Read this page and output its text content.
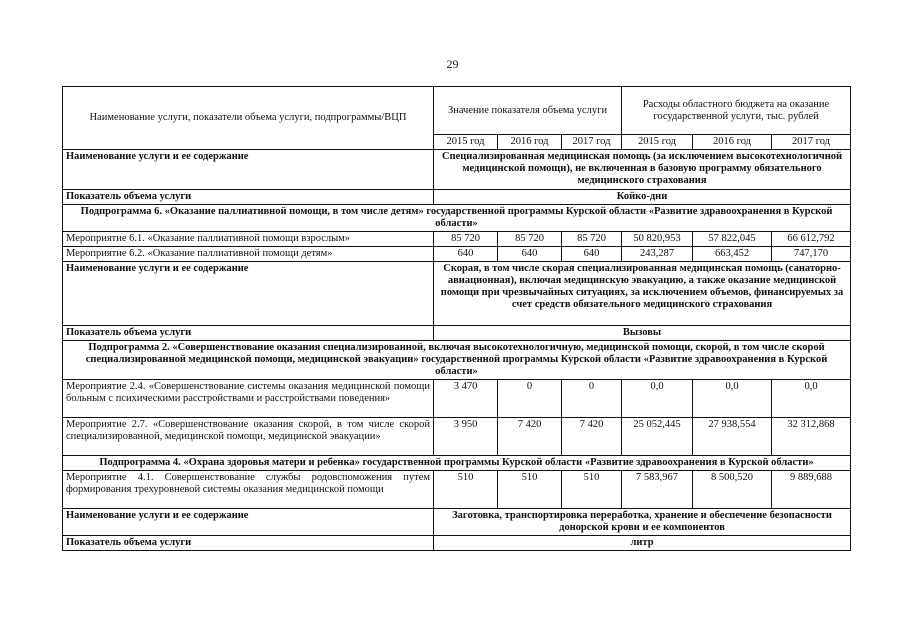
29
Наименование услуги, показатели объема услуги, подпрограммы/ВЦП	Значение показателя объема услуги			Расходы областного бюджета на оказание государственной услуги, тыс. рублей		
	2015 год	2016 год	2017 год	2015 год	2016 год	2017 год
Наименование услуги и ее содержание	Специализированная медицинская помощь (за исключением высокотехнологичной медицинской помощи), не включенная в базовую программу обязательного медицинского страхования					
Показатель объема услуги	Койко-дни					
Подпрограмма 6. «Оказание паллиативной помощи, в том числе детям» государственной программы Курской области «Развитие здравоохранения в Курской области»						
Мероприятие 6.1. «Оказание паллиативной помощи взрослым»	85 720	85 720	85 720	50 820,953	57 822,045	66 612,792
Мероприятие 6.2. «Оказание паллиативной помощи детям»	640	640	640	243,287	663,452	747,170
Наименование услуги и ее содержание	Скорая, в том числе скорая специализированная медицинская помощь (санаторно-авиационная), включая медицинскую эвакуацию, а также оказание медицинской помощи при чрезвычайных ситуациях, за исключением объемов, финансируемых за счет средств обязательного медицинского страхования					
Показатель объема услуги	Вызовы					
Подпрограмма 2. «Совершенствование оказания специализированной, включая высокотехнологичную, медицинской помощи, скорой, в том числе скорой специализированной медицинской помощи, медицинской эвакуации» государственной программы Курской области «Развитие здравоохранения в Курской области»						
Мероприятие 2.4. «Совершенствование системы оказания медицинской помощи больным с психическими расстройствами и расстройствами поведения»	3 470	0	0	0,0	0,0	0,0
Мероприятие 2.7. «Совершенствование оказания скорой, в том числе скорой специализированной, медицинской помощи, медицинской эвакуации»	3 950	7 420	7 420	25 052,445	27 938,554	32 312,868
Подпрограмма 4. «Охрана здоровья матери и ребенка» государственной программы Курской области «Развитие здравоохранения в Курской области»						
Мероприятие 4.1. Совершенствование службы родовспоможения путем формирования трехуровневой системы оказания медицинской помощи	510	510	510	7 583,967	8 500,520	9 889,688
Наименование услуги и ее содержание	Заготовка, транспортировка переработка, хранение и обеспечение безопасности донорской крови и ее компонентов					
Показатель объема услуги	литр					
